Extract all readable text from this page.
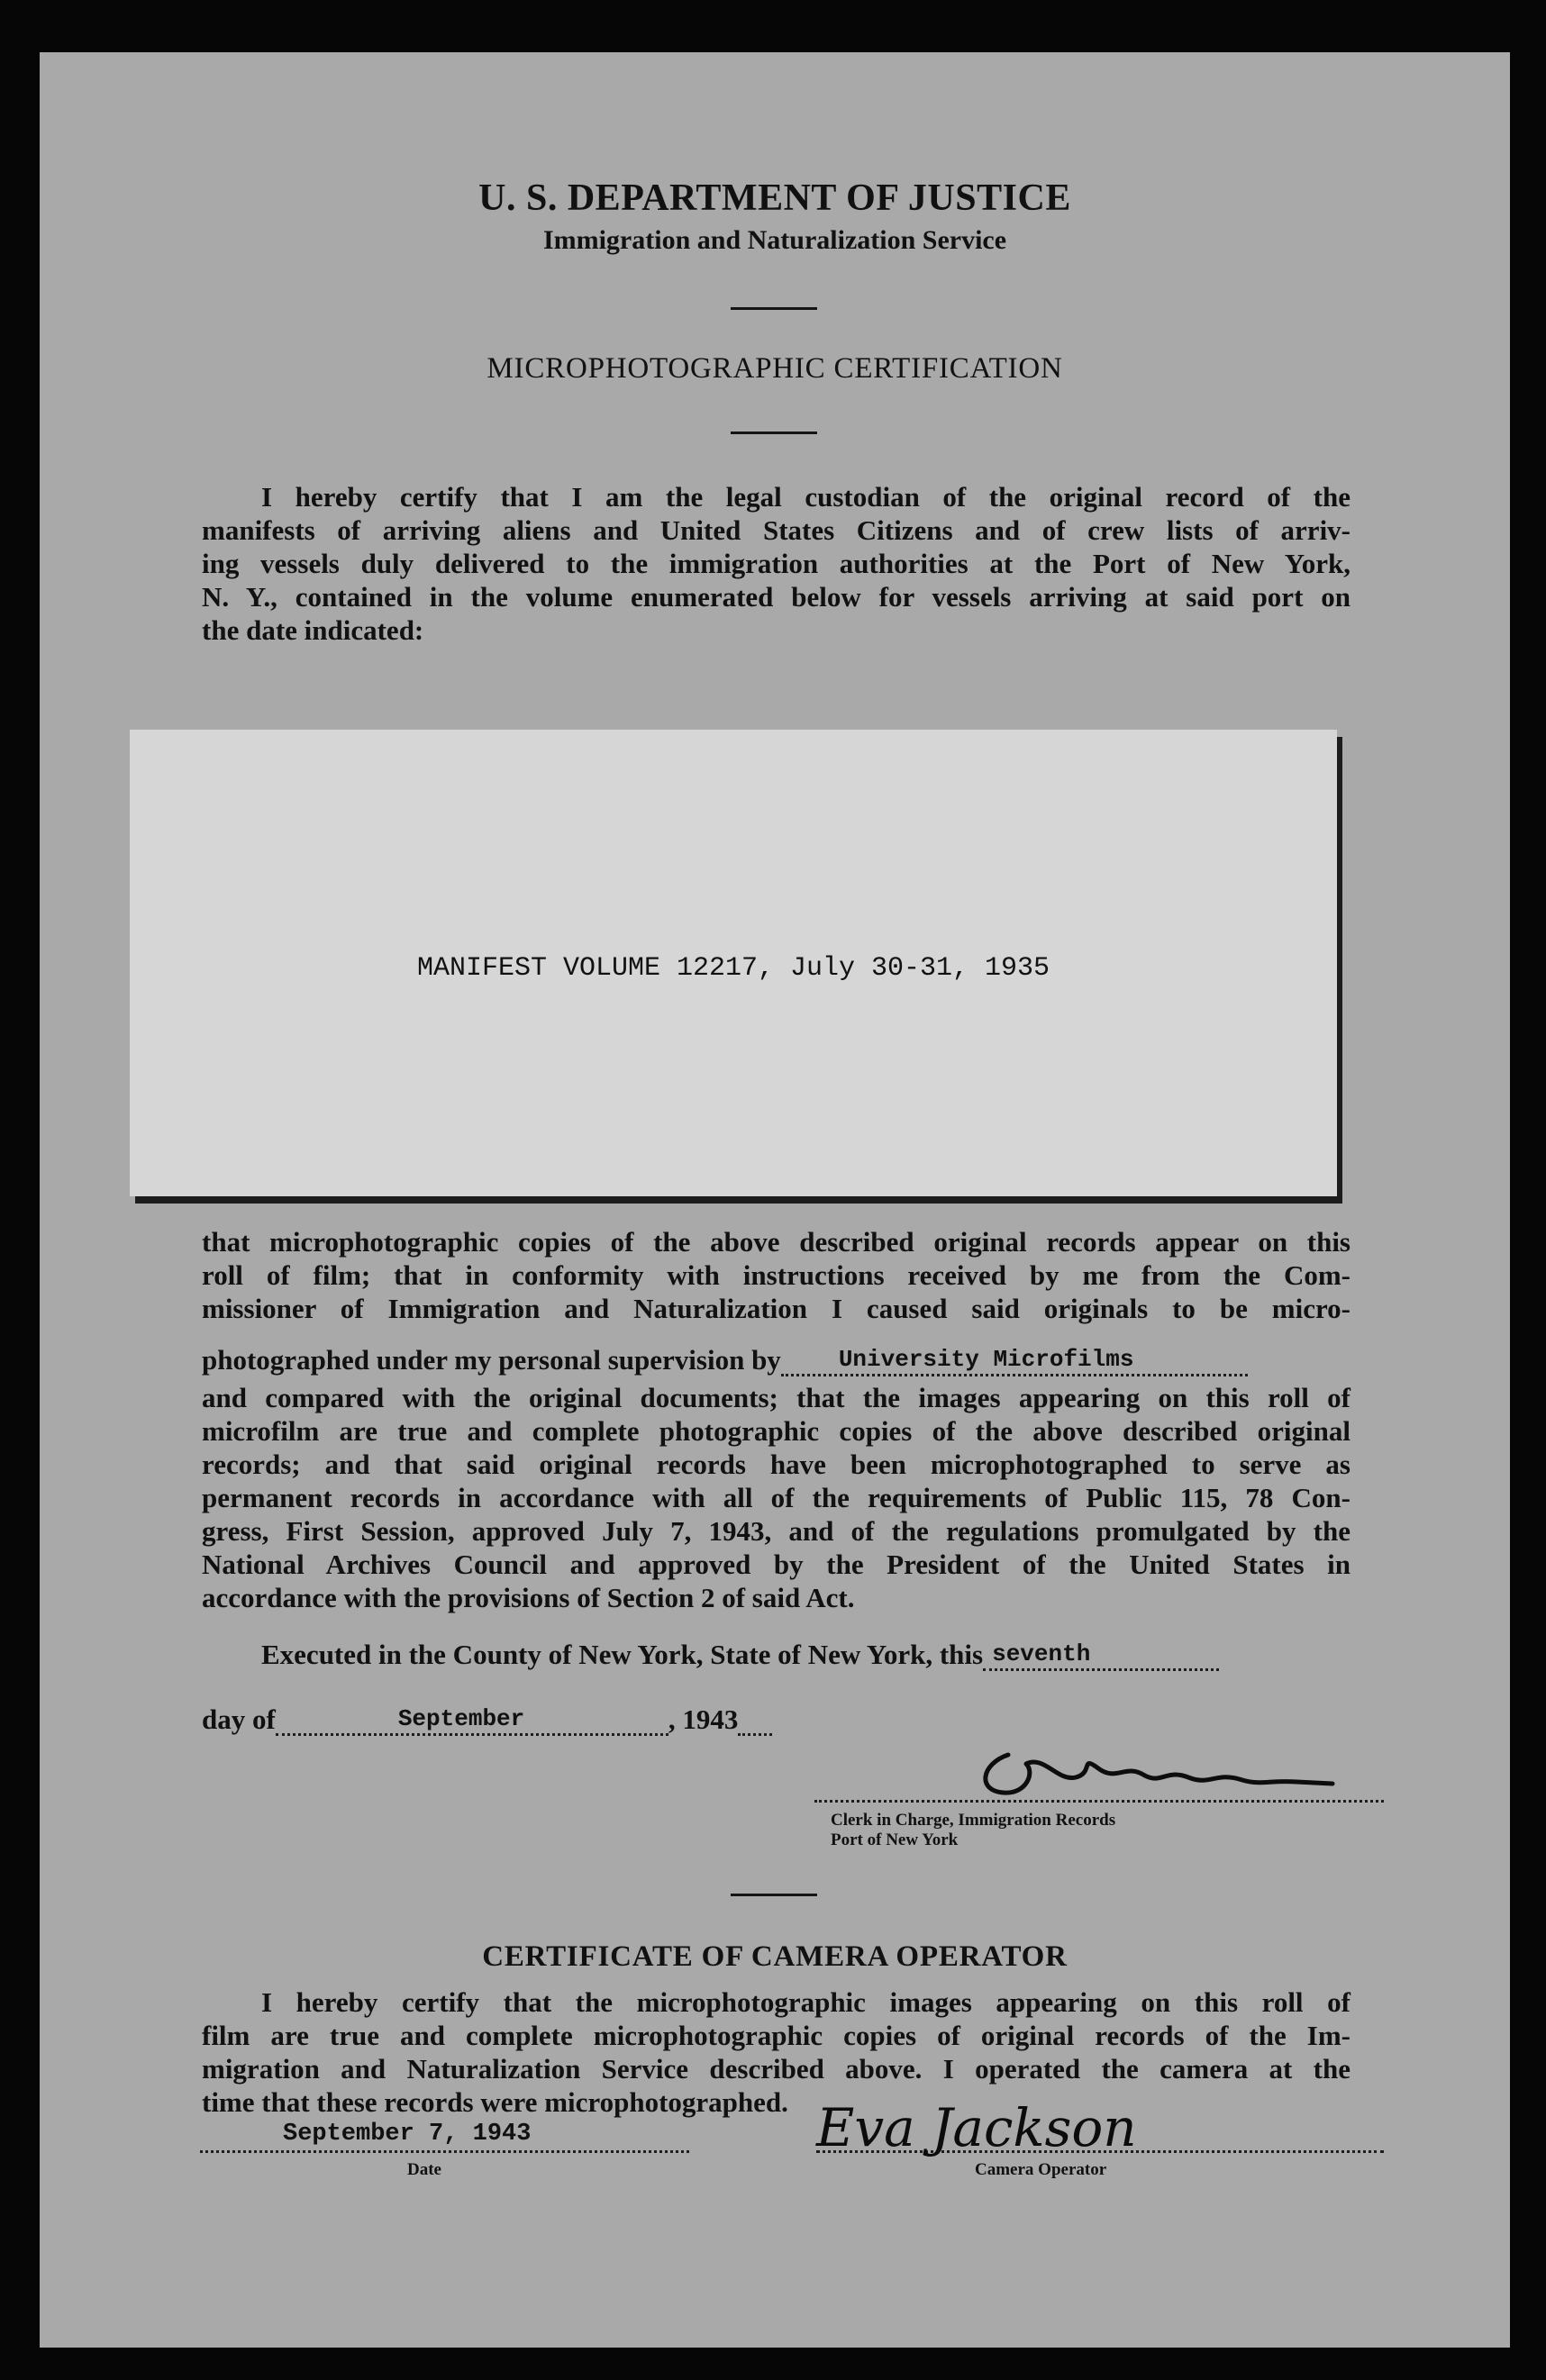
U. S. DEPARTMENT OF JUSTICE
Immigration and Naturalization Service
MICROPHOTOGRAPHIC CERTIFICATION

I hereby certify that I am the legal custodian of the original record of the

manifests of arriving aliens and United States Citizens and of crew lists of arriv-

ing vessels duly delivered to the immigration authorities at the Port of New York,

N. Y., contained in the volume enumerated below for vessels arriving at said port on

the date indicated:

MANIFEST VOLUME 12217, July 30-31, 1935

that microphotographic copies of the above described original records appear on this

roll of film; that in conformity with instructions received by me from the Com-

missioner of Immigration and Naturalization I caused said originals to be micro-

photographed under my personal supervision by University Microfilms

and compared with the original documents; that the images appearing on this roll of

microfilm are true and complete photographic copies of the above described original

records; and that said original records have been microphotographed to serve as

permanent records in accordance with all of the requirements of Public 115, 78 Con-

gress, First Session, approved July 7, 1943, and of the regulations promulgated by the

National Archives Council and approved by the President of the United States in

accordance with the provisions of Section 2 of said Act.

Executed in the County of New York, State of New York, this seventh
day of	September	, 1943
Clerk in Charge, Immigration Records
Port of New York
CERTIFICATE OF CAMERA OPERATOR

I hereby certify that the microphotographic images appearing on this roll of

film are true and complete microphotographic copies of original records of the Im-

migration and Naturalization Service described above. I operated the camera at the

time that these records were microphotographed.

September 7, 1943
Date
Eva Jackson
Camera Operator
